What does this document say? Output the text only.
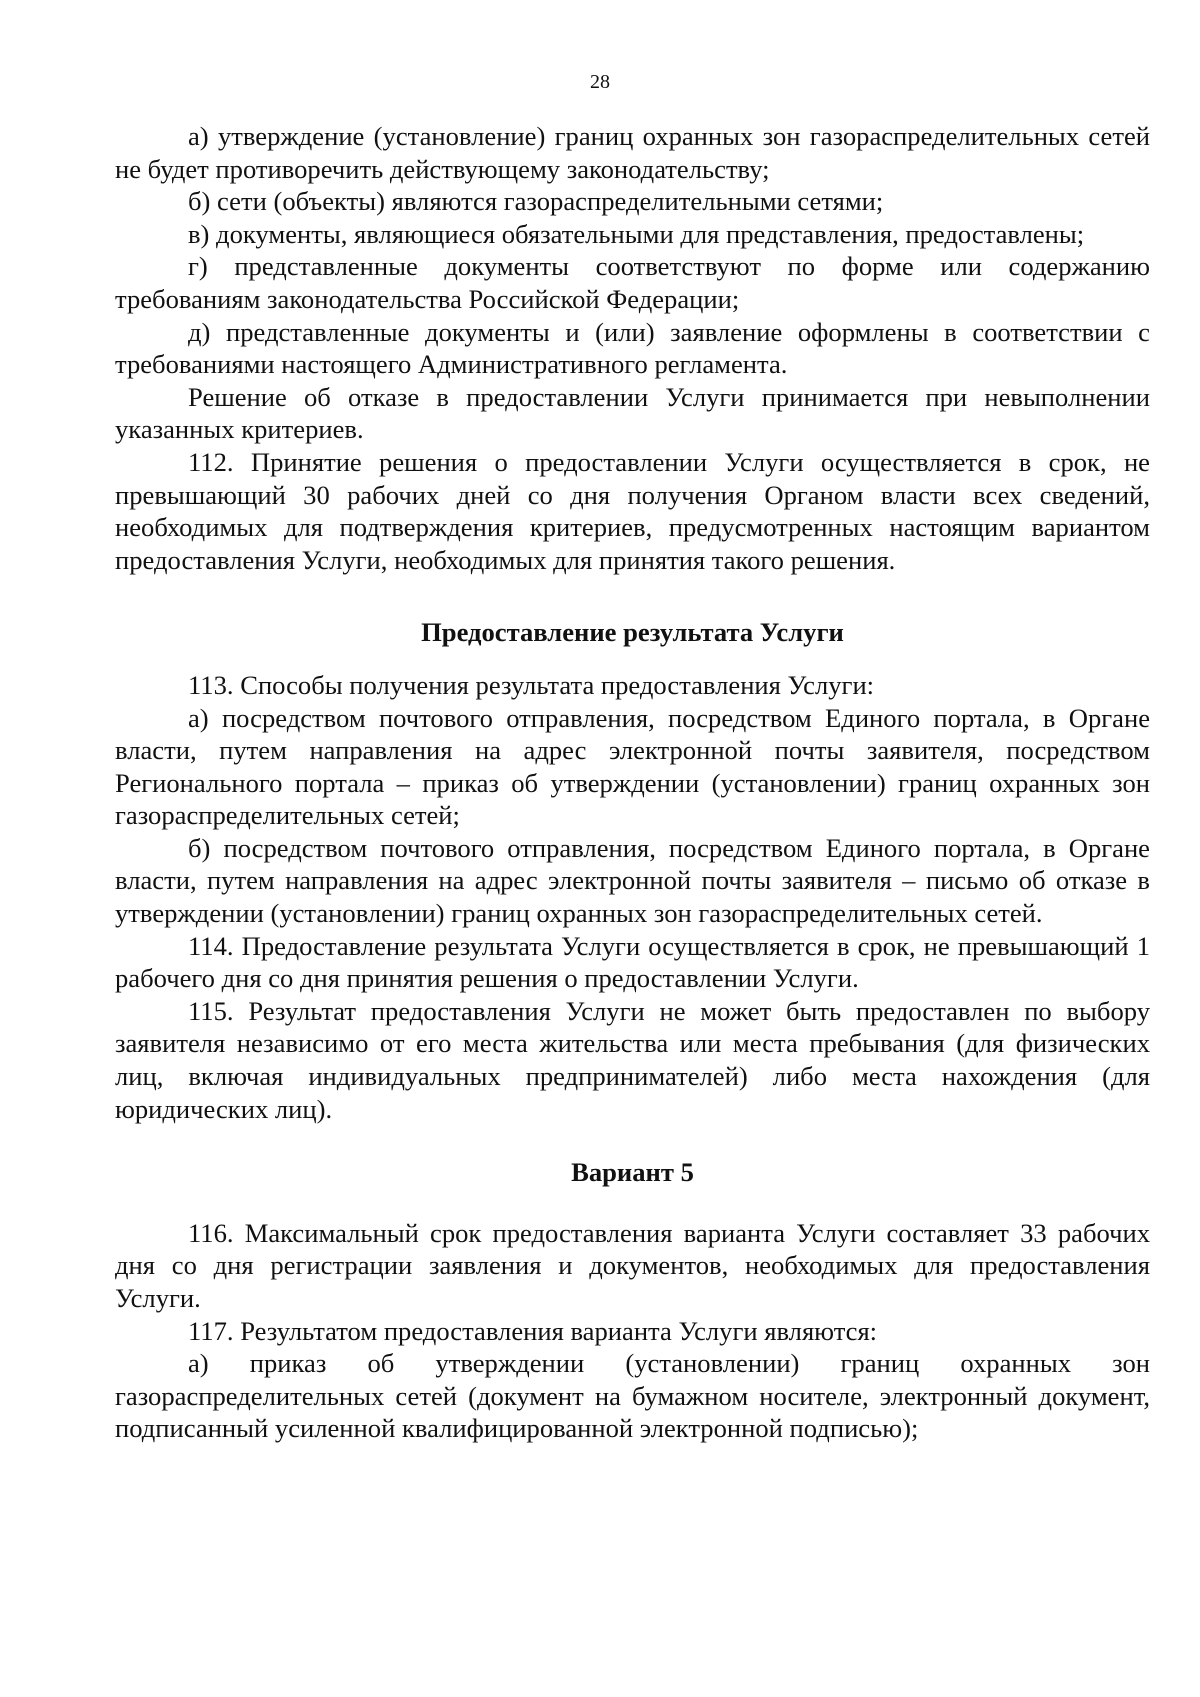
28

а) утверждение (установление) границ охранных зон газораспределительных сетей не будет противоречить действующему законодательству;

б) сети (объекты) являются газораспределительными сетями;

в) документы, являющиеся обязательными для представления, предоставлены;

г) представленные документы соответствуют по форме или содержанию требованиям законодательства Российской Федерации;

д) представленные документы и (или) заявление оформлены в соответствии с требованиями настоящего Административного регламента.

Решение об отказе в предоставлении Услуги принимается при невыполнении указанных критериев.

112. Принятие решения о предоставлении Услуги осуществляется в срок, не превышающий 30 рабочих дней со дня получения Органом власти всех сведений, необходимых для подтверждения критериев, предусмотренных настоящим вариантом предоставления Услуги, необходимых для принятия такого решения.

Предоставление результата Услуги

113. Способы получения результата предоставления Услуги:

а) посредством почтового отправления, посредством Единого портала, в Органе власти, путем направления на адрес электронной почты заявителя, посредством Регионального портала – приказ об утверждении (установлении) границ охранных зон газораспределительных сетей;

б) посредством почтового отправления, посредством Единого портала, в Органе власти, путем направления на адрес электронной почты заявителя – письмо об отказе в утверждении (установлении) границ охранных зон газораспределительных сетей.

114. Предоставление результата Услуги осуществляется в срок, не превышающий 1 рабочего дня со дня принятия решения о предоставлении Услуги.

115. Результат предоставления Услуги не может быть предоставлен по выбору заявителя независимо от его места жительства или места пребывания (для физических лиц, включая индивидуальных предпринимателей) либо места нахождения (для юридических лиц).

Вариант 5

116. Максимальный срок предоставления варианта Услуги составляет 33 рабочих дня со дня регистрации заявления и документов, необходимых для предоставления Услуги.

117. Результатом предоставления варианта Услуги являются:

а) приказ об утверждении (установлении) границ охранных зон газораспределительных сетей (документ на бумажном носителе, электронный документ, подписанный усиленной квалифицированной электронной подписью);
